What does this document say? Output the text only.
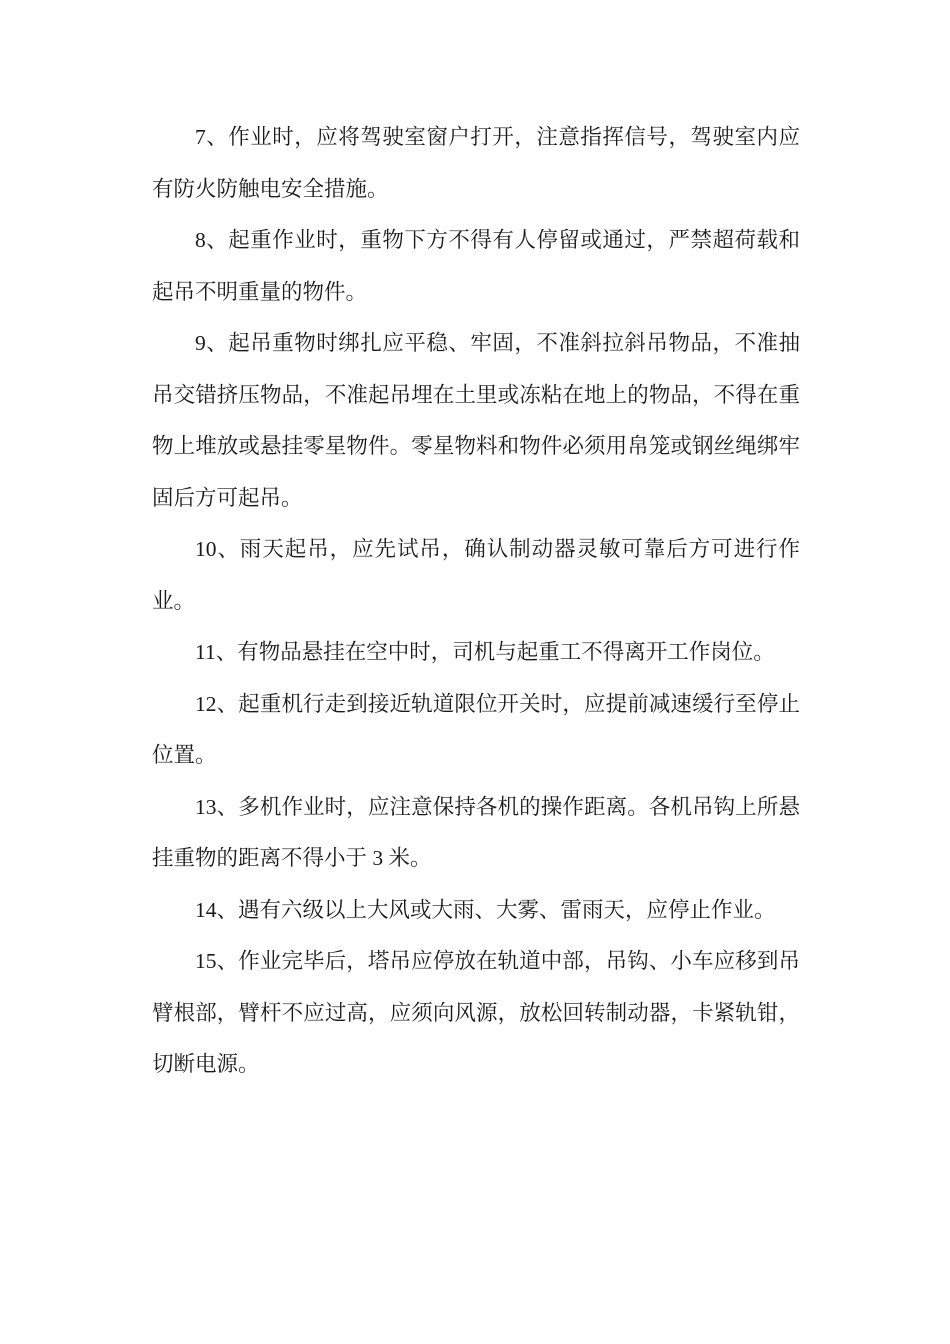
7、作业时，应将驾驶室窗户打开，注意指挥信号，驾驶室内应有防火防触电安全措施。

8、起重作业时，重物下方不得有人停留或通过，严禁超荷载和起吊不明重量的物件。

9、起吊重物时绑扎应平稳、牢固，不准斜拉斜吊物品，不准抽吊交错挤压物品，不准起吊埋在土里或冻粘在地上的物品，不得在重物上堆放或悬挂零星物件。零星物料和物件必须用帛笼或钢丝绳绑牢固后方可起吊。

10、雨天起吊，应先试吊，确认制动器灵敏可靠后方可进行作业。

11、有物品悬挂在空中时，司机与起重工不得离开工作岗位。

12、起重机行走到接近轨道限位开关时，应提前减速缓行至停止位置。

13、多机作业时，应注意保持各机的操作距离。各机吊钩上所悬挂重物的距离不得小于 3 米。

14、遇有六级以上大风或大雨、大雾、雷雨天，应停止作业。

15、作业完毕后，塔吊应停放在轨道中部，吊钩、小车应移到吊臂根部，臂杆不应过高，应须向风源，放松回转制动器，卡紧轨钳，切断电源。
